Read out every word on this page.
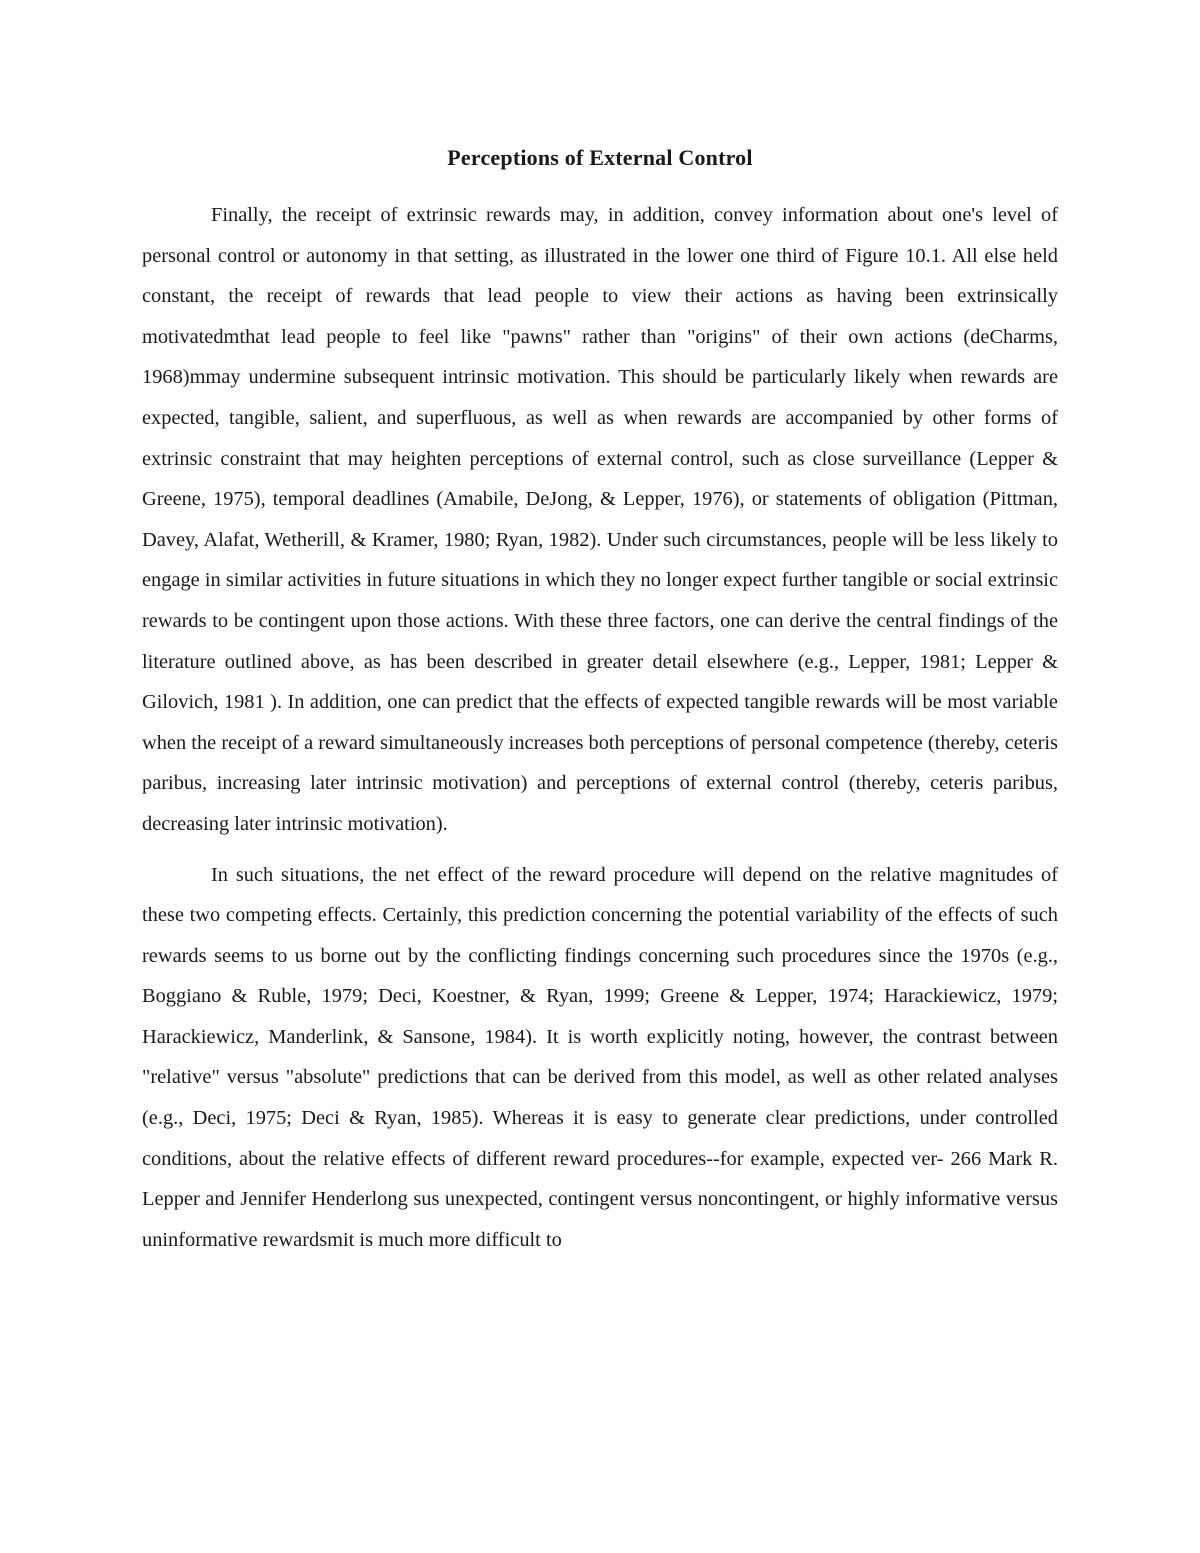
Perceptions of External Control

Finally, the receipt of extrinsic rewards may, in addition, convey information about one's level of personal control or autonomy in that setting, as illustrated in the lower one third of Figure 10.1. All else held constant, the receipt of rewards that lead people to view their actions as having been extrinsically motivatedmthat lead people to feel like "pawns" rather than "origins" of their own actions (deCharms, 1968)mmay undermine subsequent intrinsic motivation. This should be particularly likely when rewards are expected, tangible, salient, and superfluous, as well as when rewards are accompanied by other forms of extrinsic constraint that may heighten perceptions of external control, such as close surveillance (Lepper & Greene, 1975), temporal deadlines (Amabile, DeJong, & Lepper, 1976), or statements of obligation (Pittman, Davey, Alafat, Wetherill, & Kramer, 1980; Ryan, 1982). Under such circumstances, people will be less likely to engage in similar activities in future situations in which they no longer expect further tangible or social extrinsic rewards to be contingent upon those actions. With these three factors, one can derive the central findings of the literature outlined above, as has been described in greater detail elsewhere (e.g., Lepper, 1981; Lepper & Gilovich, 1981 ). In addition, one can predict that the effects of expected tangible rewards will be most variable when the receipt of a reward simultaneously increases both perceptions of personal competence (thereby, ceteris paribus, increasing later intrinsic motivation) and perceptions of external control (thereby, ceteris paribus, decreasing later intrinsic motivation).

In such situations, the net effect of the reward procedure will depend on the relative magnitudes of these two competing effects. Certainly, this prediction concerning the potential variability of the effects of such rewards seems to us borne out by the conflicting findings concerning such procedures since the 1970s (e.g., Boggiano & Ruble, 1979; Deci, Koestner, & Ryan, 1999; Greene & Lepper, 1974; Harackiewicz, 1979; Harackiewicz, Manderlink, & Sansone, 1984). It is worth explicitly noting, however, the contrast between "relative" versus "absolute" predictions that can be derived from this model, as well as other related analyses (e.g., Deci, 1975; Deci & Ryan, 1985). Whereas it is easy to generate clear predictions, under controlled conditions, about the relative effects of different reward procedures--for example, expected ver- 266 Mark R. Lepper and Jennifer Henderlong sus unexpected, contingent versus noncontingent, or highly informative versus uninformative rewardsmit is much more difficult to
